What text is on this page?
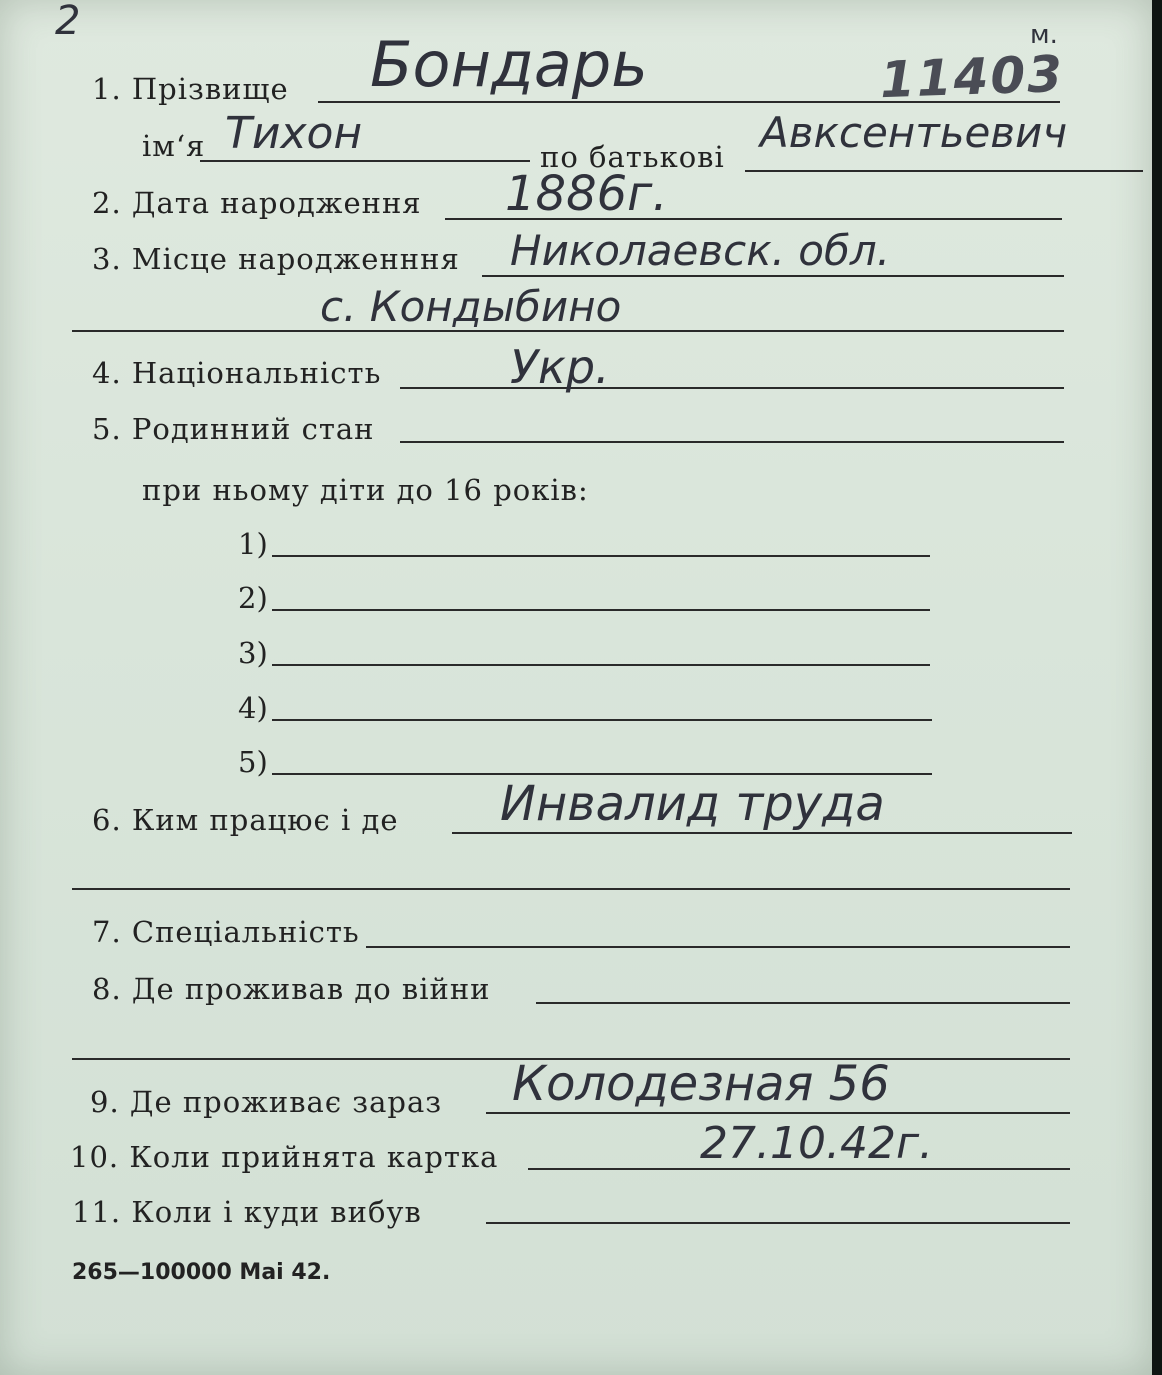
2
11403
м.
1. Прізвище Бондарь
ім‘я Тихон	по батькові Авксентьевич
2. Дата народження 1886г.
3. Місце народженння Николаевск. обл.
с. Кондыбино
4. Національність	Укр.
5. Родинний стан
при ньому діти до 16 років:
1)
2)
3)
4)
5)
6. Ким працює і де Инвалид труда
7. Спеціальність
8. Де проживав до війни
9. Де проживає зараз Колодезная 56
10. Коли прийнята картка	27.10.42г.
11. Коли і куди вибув
265—100000 Mai 42.
